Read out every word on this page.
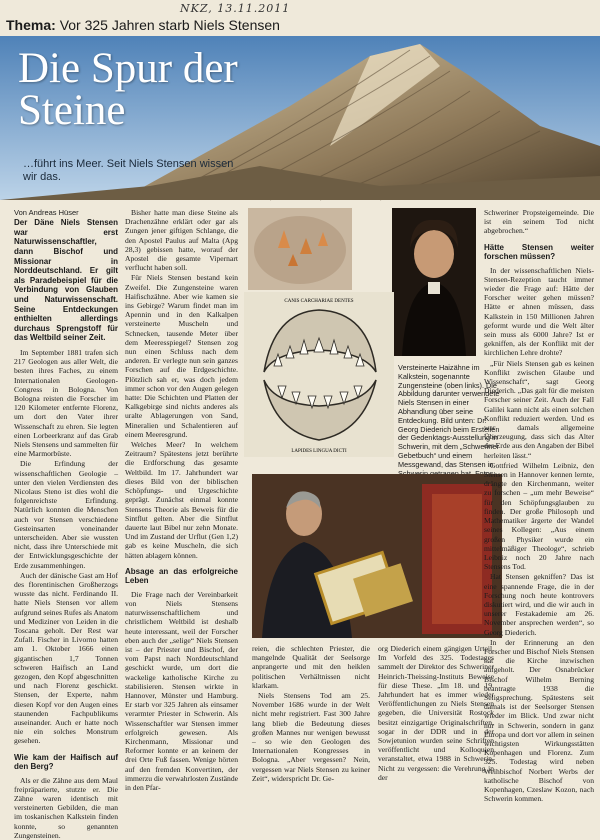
NKZ, 13.11.2011
Thema: Vor 325 Jahren starb Niels Stensen
Die Spur der
Steine
…führt ins Meer. Seit Niels Stensen wissen wir das.

Von Andreas Hüser

Der Däne Niels Stensen war erst Naturwissenschaftler, dann Bischof und Missionar in Norddeutschland. Er gilt als Paradebeispiel für die Verbindung von Glauben und Naturwissenschaft. Seine Entdeckungen enthielten allerdings durchaus Sprengstoff für das Weltbild seiner Zeit.

Im September 1881 trafen sich 217 Geologen aus aller Welt, die besten ihres Faches, zu einem Internationalen Geologen-Congress in Bologna. Von Bologna reisten die Forscher im 120 Kilometer entfernte Florenz, um dort den Vater ihrer Wissenschaft zu ehren. Sie legten einen Lorbeerkranz auf das Grab Niels Stensens und sammelten für eine Marmorbüste.

Die Erfindung der wissenschaftlichen Geologie – unter den vielen Verdiensten des Nicolaus Steno ist dies wohl die folgenreichste Erfindung. Natürlich konnten die Menschen auch vor Stensen verschiedene Gesteinsarten voneinander unterscheiden. Aber sie wussten nicht, dass ihre Unterschiede mit der Entwicklungsgeschichte der Erde zusammenhingen.

Auch der dänische Gast am Hof des florentinischen Großherzogs wusste das nicht. Ferdinando II. hatte Niels Stensen vor allem aufgrund seines Rufes als Anatom und Mediziner von Leiden in die Toscana geholt. Der Rest war Zufall. Fischer in Livorno hatten am 1. Oktober 1666 einen gigantischen 1,7 Tonnen schweren Haifisch an Land gezogen, den Kopf abgeschnitten und nach Florenz geschickt. Stensen, der Experte, nahm diesen Kopf vor den Augen eines staunenden Fachpublikums auseinander. Auch er hatte noch nie ein solches Monstrum gesehen.

Wie kam der Haifisch auf den Berg?

Als er die Zähne aus dem Maul freipräparierte, stutzte er. Die Zähne waren identisch mit versteinerten Gebilden, die man im toskanischen Kalkstein finden konnte, so genannten Zungensteinen.

Bisher hatte man diese Steine als Drachenzähne erklärt oder gar als Zungen jener giftigen Schlange, die den Apostel Paulus auf Malta (Apg 28,3) gebissen hatte, worauf der Apostel die gesamte Vipernart verflucht haben soll.

Für Niels Stensen bestand kein Zweifel. Die Zungensteine waren Haifischzähne. Aber wie kamen sie ins Gebirge? Warum findet man im Apennin und in den Kalkalpen versteinerte Muscheln und Schnecken, tausende Meter über dem Meeresspiegel? Stensen zog nun einen Schluss nach dem anderen. Er verlegte nun sein ganzes Forschen auf die Erdgeschichte. Plötzlich sah er, was doch jedem immer schon vor den Augen gelegen hatte: Die Schichten und Platten der Kalkgebirge sind nichts anderes als uralte Ablagerungen von Sand, Mineralien und Schalentieren auf einem Meeresgrund.

Welches Meer? In welchem Zeitraum? Spätestens jetzt berührte die Erdforschung das gesamte Weltbild. Im 17. Jahrhundert war dieses Bild von der biblischen Schöpfungs- und Urgeschichte geprägt. Zunächst einmal konnte Stensens Theorie als Beweis für die Sintflut gelten. Aber die Sintflut dauerte laut Bibel nur zehn Monate. Und im Zustand der Urflut (Gen 1,2) gab es keine Muscheln, die sich hätten ablagern können.

Absage an das erfolgreiche Leben

Die Frage nach der Vereinbarkeit von Niels Stensens naturwissenschaftlichem und christlichem Weltbild ist deshalb heute interessant, weil der Forscher eben auch der „selige“ Niels Stensen ist – der Priester und Bischof, der vom Papst nach Norddeutschland geschickt wurde, um dort die wackelige katholische Kirche zu stabilisieren. Stensen wirkte in Hannover, Münster und Hamburg. Er starb vor 325 Jahren als einsamer verarmter Priester in Schwerin. Als Wissenschaftler war Stensen immer erfolgreich gewesen. Als Kirchenmann, Missionar und Reformer konnte er an keinem der drei Orte Fuß fassen. Wenige hörten auf den fremden Konvertiten, der immerzu die verwahrlosten Zustände in den Pfar-

CANIS CARCHARIAE DENTES
LAPIDES LINGUA DICTI
Versteinerte Haizähne im Kalkstein, sogenannte Zungensteine (oben links). Die Abbildung darunter verwendete Niels Stensen in einer Abhandlung über seine Entdeckung. Bild unten: Dr. Georg Diederich beim Erstellen der Gedenktags-Ausstellung in Schwerin, mit dem „Schweriner Gebetbuch“ und einem Messgewand, das Stensen in

reien, die schlechten Priester, die mangelnde Qualität der Seelsorge anprangerte und mit den heiklen politischen Verhältnissen nicht klarkam.

Niels Stensens Tod am 25. November 1686 wurde in der Welt nicht mehr registriert. Fast 300 Jahre lang blieb die Bedeutung dieses großen Mannes nur wenigen bewusst – so wie den Geologen des Internationalen Kongresses in Bologna. „Aber vergessen? Nein, vergessen war Niels Stensen zu keiner Zeit“, widerspricht Dr. Ge-

org Diederich einem gängigen Urteil. Im Vorfeld des 325. Todestages sammelt der Direktor des Schweriner Heinrich-Theissing-Instituts Beweise für diese These. „Im 18. und 19. Jahrhundert hat es immer wieder Veröffentlichungen zu Niels Stensen gegeben, die Universität Rostock besitzt einzigartige Originalschriften, sogar in der DDR und in der Sowjetunion wurden seine Schriften veröffentlicht und Kolloquien veranstaltet, etwa 1988 in Schwerin. Nicht zu vergessen: die Verehrung in der

Schweriner Propsteigemeinde. Die ist ein seinem Tod nicht abgebrochen.“

Hätte Stensen weiter forschen müssen?

In der wissenschaftlichen Niels-Stensen-Rezeption taucht immer wieder die Frage auf: Hätte der Forscher weiter gehen müssen? Hätte er ahnen müssen, dass Kalkstein in 150 Millionen Jahren geformt wurde und die Welt älter sein muss als 6000 Jahre? Ist er gekniffen, als der Konflikt mit der kirchlichen Lehre drohte?

„Für Niels Stensen gab es keinen Konflikt zwischen Glaube und Wissenschaft“, sagt Georg Diederich. „Das galt für die meisten Forscher seiner Zeit. Auch der Fall Galilei kann nicht als einen solchen Konflikt reduziert werden. Und es war damals allgemeine Überzeugung, dass sich das Alter der Erde aus den Angaben der Bibel herleiten lässt.“

Gottfried Wilhelm Leibniz, den Stensen in Hannover kennen lernte, drängte den Kirchenmann, weiter zu forschen – „um mehr Beweise“ für den Schöpfungsglauben zu finden. Der große Philosoph und Mathematiker ärgerte der Wandel seines Kollegen: „Aus einem großen Physiker wurde ein mittelmäßiger Theologe“, schrieb Leibniz noch 20 Jahre nach Stensens Tod.

Hat Stensen gekniffen? Das ist eine spannende Frage, die in der Forschung noch heute kontrovers diskutiert wird, und die wir auch in unserer Festakademie am 26. November ansprechen werden“, so Georg Diederich.

In der Erinnerung an den Forscher und Bischof Niels Stensen hat die Kirche inzwischen aufgeholt. Der Osnabrücker Bischof Wilhelm Berning beantragte 1938 die Seligsprechung. Spätestens seit damals ist der Seelsorger Stensen wieder im Blick. Und zwar nicht nur in Schwerin, sondern in ganz Europa und dort vor allem in seinen wichtigsten Wirkungsstätten Kopenhagen und Florenz. Zum 325. Todestag wird neben Weihbischof Norbert Werbs der katholische Bischof von Kopenhagen, Czeslaw Kozon, nach Schwerin kommen.
